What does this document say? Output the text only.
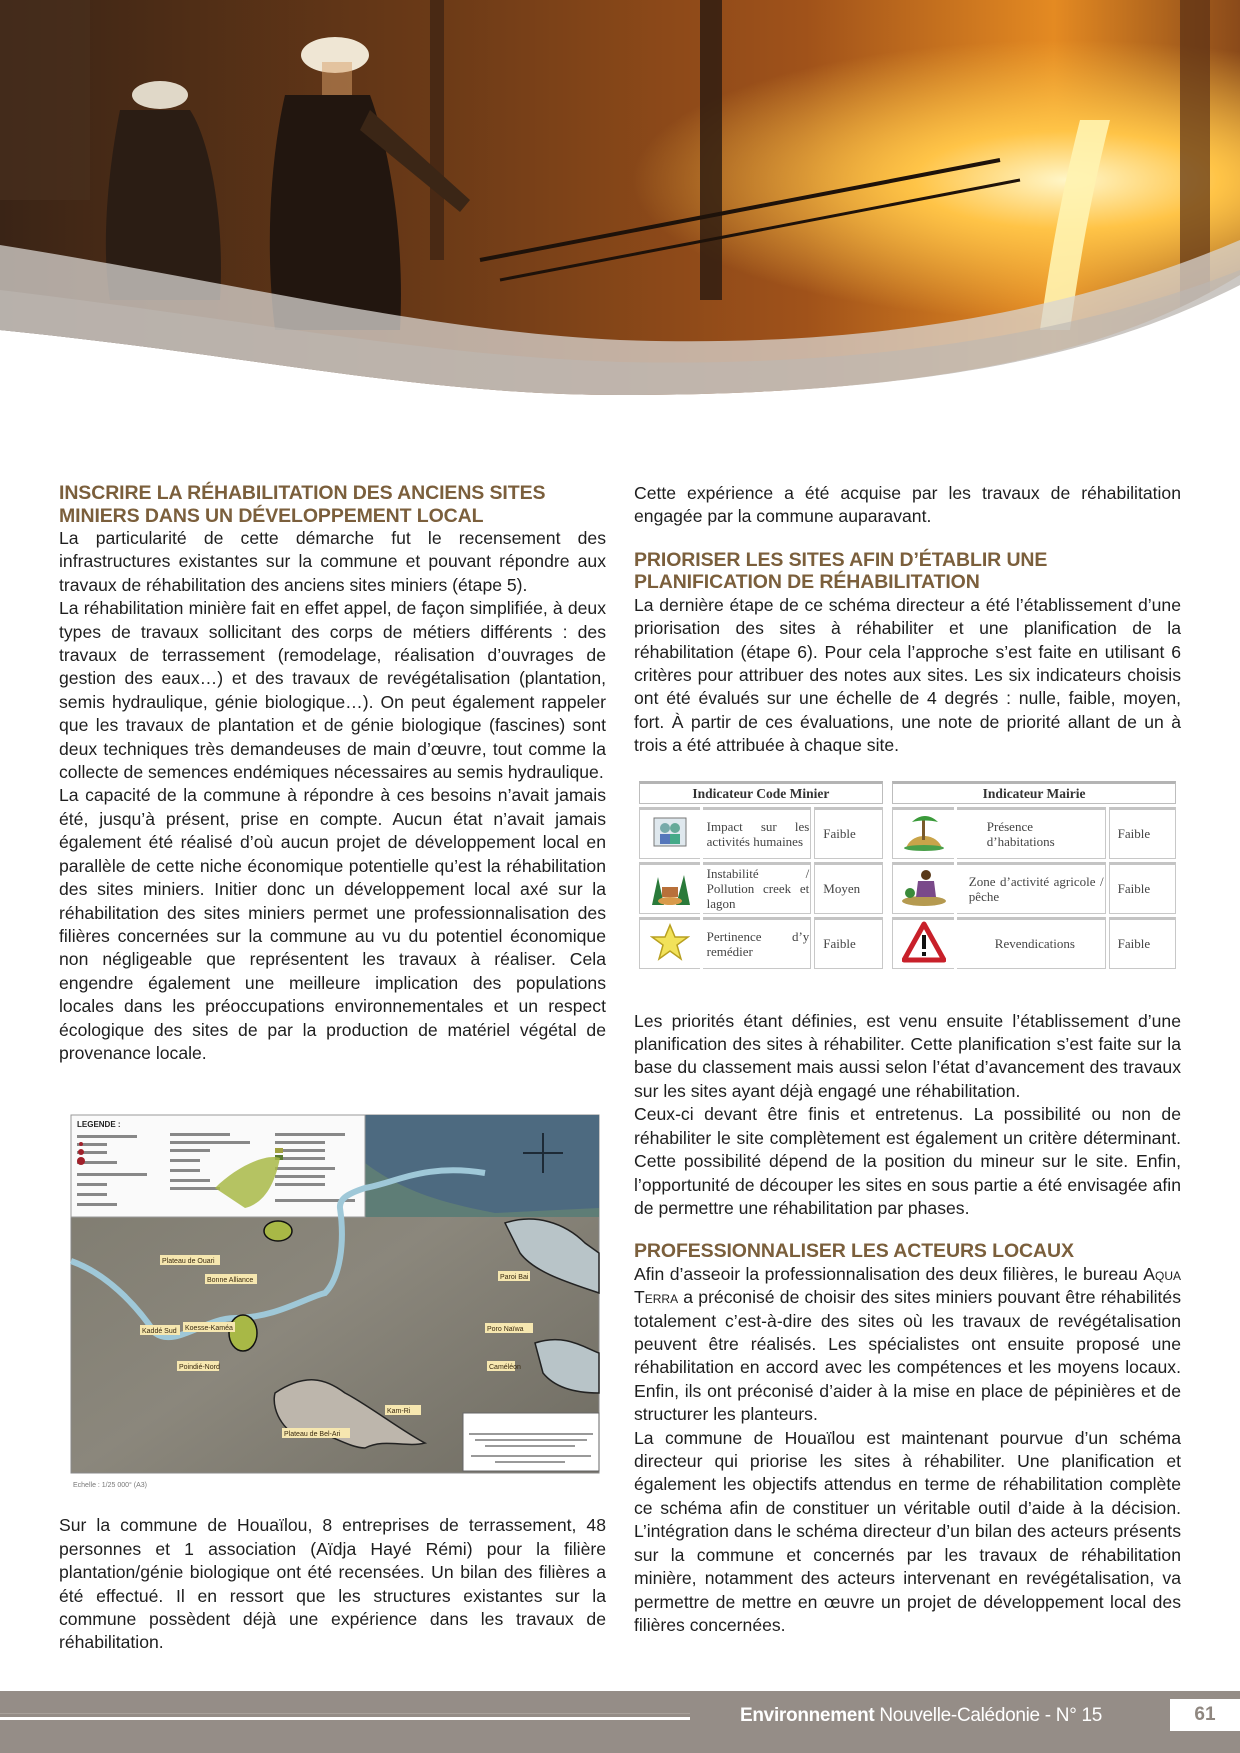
INSCRIRE LA RÉHABILITATION DES ANCIENS SITES MINIERS DANS UN DÉVELOPPEMENT LOCAL

La particularité de cette démarche fut le recensement des infrastructures existantes sur la commune et pouvant répondre aux travaux de réhabilitation des anciens sites miniers (étape 5).

La réhabilitation minière fait en effet appel, de façon simplifiée, à deux types de travaux sollicitant des corps de métiers différents : des travaux de terrassement (remodelage, réalisation d’ouvrages de gestion des eaux…) et des travaux de revégétalisation (plantation, semis hydraulique, génie biologique…). On peut également rappeler que les travaux de plantation et de génie biologique (fascines) sont deux techniques très demandeuses de main d’œuvre, tout comme la collecte de semences endémiques nécessaires au semis hydraulique.

La capacité de la commune à répondre à ces besoins n’avait jamais été, jusqu’à présent, prise en compte. Aucun état n’avait jamais également été réalisé d’où aucun projet de développement local en parallèle de cette niche économique potentielle qu’est la réhabilitation des sites miniers. Initier donc un développement local axé sur la réhabilitation des sites miniers permet une professionnalisation des filières concernées sur la commune au vu du potentiel économique non négligeable que représentent les travaux à réaliser. Cela engendre également une meilleure implication des populations locales dans les préoccupations environnementales et un respect écologique des sites de par la production de matériel végétal de provenance locale.

LEGENDE :
Plateau de Ouari
Bonne Alliance
Kaddé Sud Koesse-Kaméa
Poindié-Nord
Paroi Bai
Poro Naïwa
Caméléon
Kam-Ri
Plateau de Bel-Ari
Echelle : 1/25 000° (A3)

Sur la commune de Houaïlou, 8 entreprises de terrassement, 48 personnes et 1 association (Aïdja Hayé Rémi) pour la filière plantation/génie biologique ont été recensées. Un bilan des filières a été effectué. Il en ressort que les structures existantes sur la commune possèdent déjà une expérience dans les travaux de réhabilitation.

Cette expérience a été acquise par les travaux de réhabilitation engagée par la commune auparavant.

PRIORISER LES SITES AFIN D’ÉTABLIR UNE PLANIFICATION DE RÉHABILITATION

La dernière étape de ce schéma directeur a été l’établissement d’une priorisation des sites à réhabiliter et une planification de la réhabilitation (étape 6). Pour cela l’approche s’est faite en utilisant 6 critères pour attribuer des notes aux sites. Les six indicateurs choisis ont été évalués sur une échelle de 4 degrés : nulle, faible, moyen, fort. À partir de ces évaluations, une note de priorité allant de un à trois a été attribuée à chaque site.

Indicateur Code Minier				Indicateur Mairie		
	Impact sur les activités humaines	Faible			Présence d’habitations	Faible
	Instabilité / Pollution creek et lagon	Moyen			Zone d’activité agricole / pêche	Faible
	Pertinence d’y remédier	Faible			Revendications	Faible

Les priorités étant définies, est venu ensuite l’établissement d’une planification des sites à réhabiliter. Cette planification s’est faite sur la base du classement mais aussi selon l’état d’avancement des travaux sur les sites ayant déjà engagé une réhabilitation.

Ceux-ci devant être finis et entretenus. La possibilité ou non de réhabiliter le site complètement est également un critère déterminant. Cette possibilité dépend de la position du mineur sur le site. Enfin, l’opportunité de découper les sites en sous partie a été envisagée afin de permettre une réhabilitation par phases.

PROFESSIONNALISER LES ACTEURS LOCAUX

Afin d’asseoir la professionnalisation des deux filières, le bureau Aqua Terra a préconisé de choisir des sites miniers pouvant être réhabilités totalement c’est-à-dire des sites où les travaux de revégétalisation peuvent être réalisés. Les spécialistes ont ensuite proposé une réhabilitation en accord avec les compétences et les moyens locaux. Enfin, ils ont préconisé d’aider à la mise en place de pépinières et de structurer les planteurs.

La commune de Houaïlou est maintenant pourvue d’un schéma directeur qui priorise les sites à réhabiliter. Une planification et également les objectifs attendus en terme de réhabilitation complète ce schéma afin de constituer un véritable outil d’aide à la décision. L’intégration dans le schéma directeur d’un bilan des acteurs présents sur la commune et concernés par les travaux de réhabilitation minière, notamment des acteurs intervenant en revégétalisation, va permettre de mettre en œuvre un projet de développement local des filières concernées.

Environnement Nouvelle-Calédonie - N° 15	61
